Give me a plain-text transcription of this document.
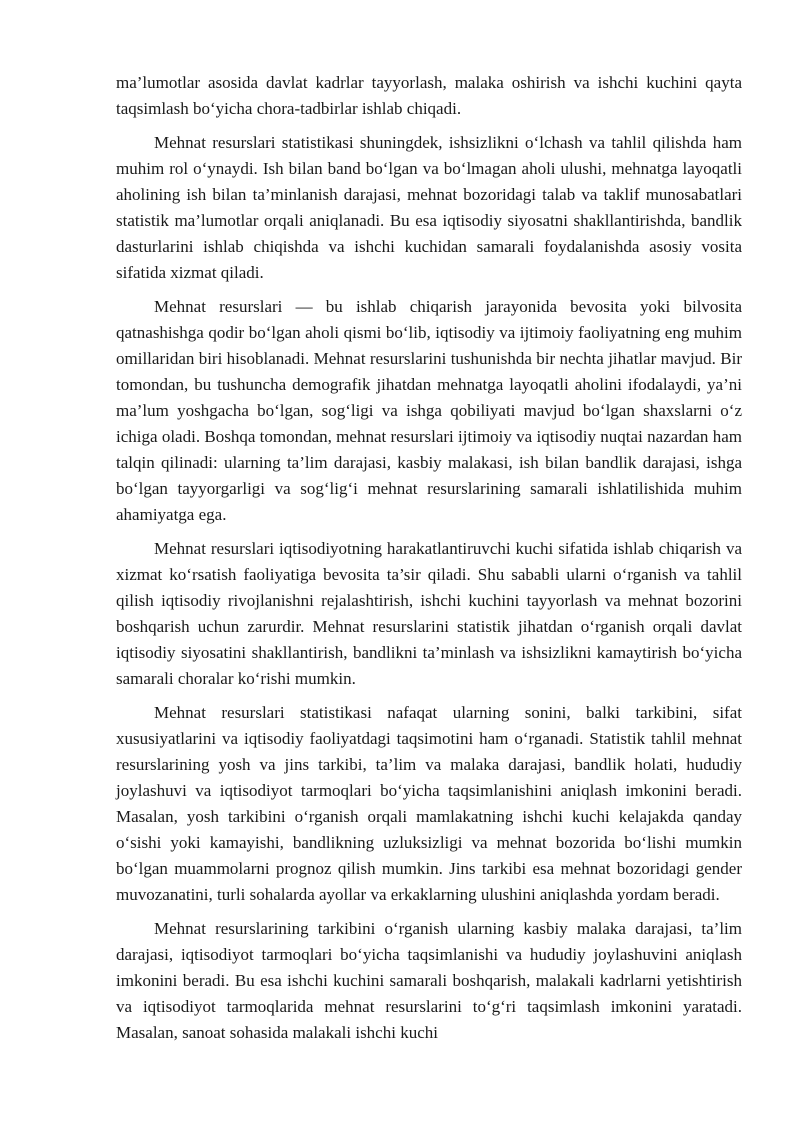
ma’lumotlar asosida davlat kadrlar tayyorlash, malaka oshirish va ishchi kuchini qayta taqsimlash bo‘yicha chora-tadbirlar ishlab chiqadi.

Mehnat resurslari statistikasi shuningdek, ishsizlikni o‘lchash va tahlil qilishda ham muhim rol o‘ynaydi. Ish bilan band bo‘lgan va bo‘lmagan aholi ulushi, mehnatga layoqatli aholining ish bilan ta’minlanish darajasi, mehnat bozoridagi talab va taklif munosabatlari statistik ma’lumotlar orqali aniqlanadi. Bu esa iqtisodiy siyosatni shakllantirishda, bandlik dasturlarini ishlab chiqishda va ishchi kuchidan samarali foydalanishda asosiy vosita sifatida xizmat qiladi.

Mehnat resurslari — bu ishlab chiqarish jarayonida bevosita yoki bilvosita qatnashishga qodir bo‘lgan aholi qismi bo‘lib, iqtisodiy va ijtimoiy faoliyatning eng muhim omillaridan biri hisoblanadi. Mehnat resurslarini tushunishda bir nechta jihatlar mavjud. Bir tomondan, bu tushuncha demografik jihatdan mehnatga layoqatli aholini ifodalaydi, ya’ni ma’lum yoshgacha bo‘lgan, sog‘ligi va ishga qobiliyati mavjud bo‘lgan shaxslarni o‘z ichiga oladi. Boshqa tomondan, mehnat resurslari ijtimoiy va iqtisodiy nuqtai nazardan ham talqin qilinadi: ularning ta’lim darajasi, kasbiy malakasi, ish bilan bandlik darajasi, ishga bo‘lgan tayyorgarligi va sog‘lig‘i mehnat resurslarining samarali ishlatilishida muhim ahamiyatga ega.

Mehnat resurslari iqtisodiyotning harakatlantiruvchi kuchi sifatida ishlab chiqarish va xizmat ko‘rsatish faoliyatiga bevosita ta’sir qiladi. Shu sababli ularni o‘rganish va tahlil qilish iqtisodiy rivojlanishni rejalashtirish, ishchi kuchini tayyorlash va mehnat bozorini boshqarish uchun zarurdir. Mehnat resurslarini statistik jihatdan o‘rganish orqali davlat iqtisodiy siyosatini shakllantirish, bandlikni ta’minlash va ishsizlikni kamaytirish bo‘yicha samarali choralar ko‘rishi mumkin.

Mehnat resurslari statistikasi nafaqat ularning sonini, balki tarkibini, sifat xususiyatlarini va iqtisodiy faoliyatdagi taqsimotini ham o‘rganadi. Statistik tahlil mehnat resurslarining yosh va jins tarkibi, ta’lim va malaka darajasi, bandlik holati, hududiy joylashuvi va iqtisodiyot tarmoqlari bo‘yicha taqsimlanishini aniqlash imkonini beradi. Masalan, yosh tarkibini o‘rganish orqali mamlakatning ishchi kuchi kelajakda qanday o‘sishi yoki kamayishi, bandlikning uzluksizligi va mehnat bozorida bo‘lishi mumkin bo‘lgan muammolarni prognoz qilish mumkin. Jins tarkibi esa mehnat bozoridagi gender muvozanatini, turli sohalarda ayollar va erkaklarning ulushini aniqlashda yordam beradi.

Mehnat resurslarining tarkibini o‘rganish ularning kasbiy malaka darajasi, ta’lim darajasi, iqtisodiyot tarmoqlari bo‘yicha taqsimlanishi va hududiy joylashuvini aniqlash imkonini beradi. Bu esa ishchi kuchini samarali boshqarish, malakali kadrlarni yetishtirish va iqtisodiyot tarmoqlarida mehnat resurslarini to‘g‘ri taqsimlash imkonini yaratadi. Masalan, sanoat sohasida malakali ishchi kuchi
